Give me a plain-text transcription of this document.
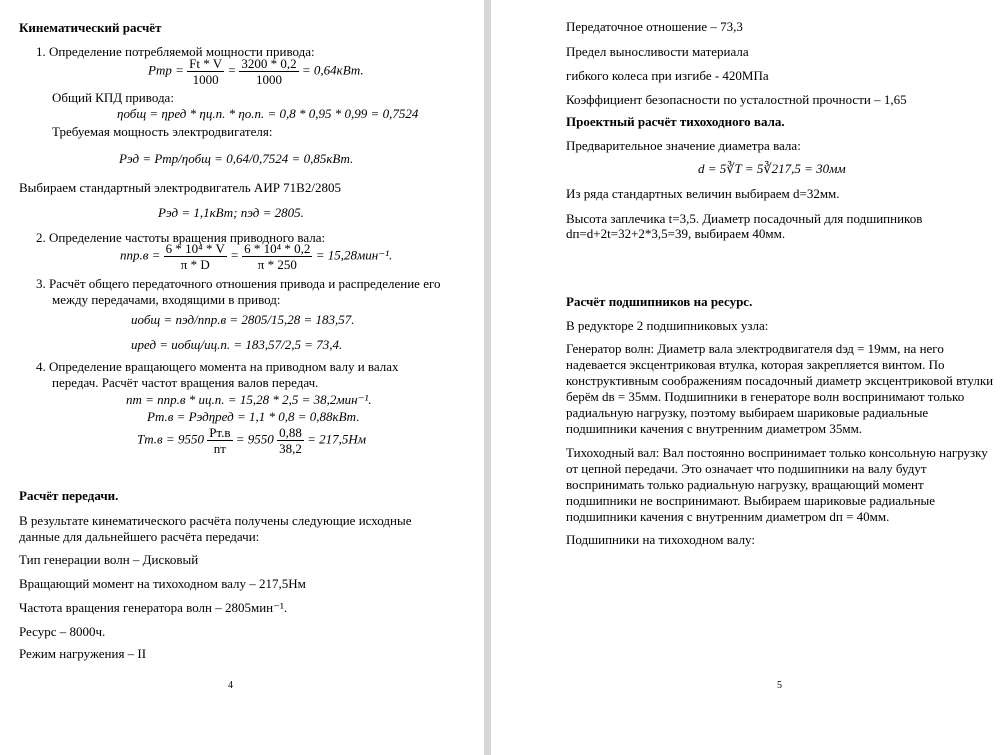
Кинематический расчёт
1. Определение потребляемой мощности привода:
Pтр = $\frac{Ft * V}{1000} = \frac{3200 * 0,2}{1000} = 0,64кВт$.
Общий КПД привода:
ηобщ = ηред * ηц.п. * ηо.п. = 0,8 * 0,95 * 0,99 = 0,7524
Требуемая мощность электродвигателя:
Pэд = Pтр/ηобщ = 0,64/0,7524 = 0,85кВт.
Выбираем стандартный электродвигатель АИР 71В2/2805
Pэд = 1,1кВт; nэд = 2805.
2. Определение частоты вращения приводного вала:
$nпр.в = \frac{\text{6 * 10⁴ * V}}{\pi * D} = \frac{\text{6 * 10⁴ * 0,2}}{\pi * 250} = 15,28мин^{-1}$.
3. Расчёт общего передаточного отношения привода и распределение его
между передачами, входящими в привод:
uобщ = nэд/nпр.в = 2805/15,28 = 183,57.
uред = uобщ/uц.п. = 183,57/2,5 = 73,4.
4. Определение вращающего момента на приводном валу и валах
передач. Расчёт частот вращения валов передач.
nт = nпр.в * uц.п. = 15,28 * 2,5 = 38,2мин⁻¹.
Pт.в = Pэдηред = 1,1 * 0,8 = 0,88кВт.
$Tт.в = 9550 \frac{Pт.в}{nт} = 9550 \frac{0,88}{38,2} = 217,5Нм$
Расчёт передачи.
В результате кинематического расчёта получены следующие исходные
данные для дальнейшего расчёта передачи:
Тип генерации волн – Дисковый
Вращающий момент на тихоходном валу – 217,5Нм
Частота вращения генератора волн – 2805мин⁻¹.
Ресурс – 8000ч.
Режим нагружения – II
4
Передаточное отношение – 73,3
Предел выносливости материала
гибкого колеса при изгибе - 420МПа
Коэффициент безопасности по усталостной прочности – 1,65
Проектный расчёт тихоходного вала.
Предварительное значение диаметра вала:
d = 5∛T = 5∛217,5 = 30мм
Из ряда стандартных величин выбираем d=32мм.
Высота заплечика t=3,5. Диаметр посадочный для подшипников
dп=d+2t=32+2*3,5=39, выбираем 40мм.
Расчёт подшипников на ресурс.
В редукторе 2 подшипниковых узла:
Генератор волн: Диаметр вала электродвигателя dэд = 19мм, на него
надевается эксцентриковая втулка, которая закрепляется винтом. По
конструктивным соображениям посадочный диаметр эксцентриковой втулки
берём dв = 35мм. Подшипники в генераторе волн воспринимают только
радиальную нагрузку, поэтому выбираем шариковые радиальные
подшипники качения с внутренним диаметром 35мм.
Тихоходный вал: Вал постоянно воспринимает только консольную нагрузку
от цепной передачи. Это означает что подшипники на валу будут
воспринимать только радиальную нагрузку, вращающий момент
подшипники не воспринимают. Выбираем шариковые радиальные
подшипники качения с внутренним диаметром dп = 40мм.
Подшипники на тихоходном валу:
5
